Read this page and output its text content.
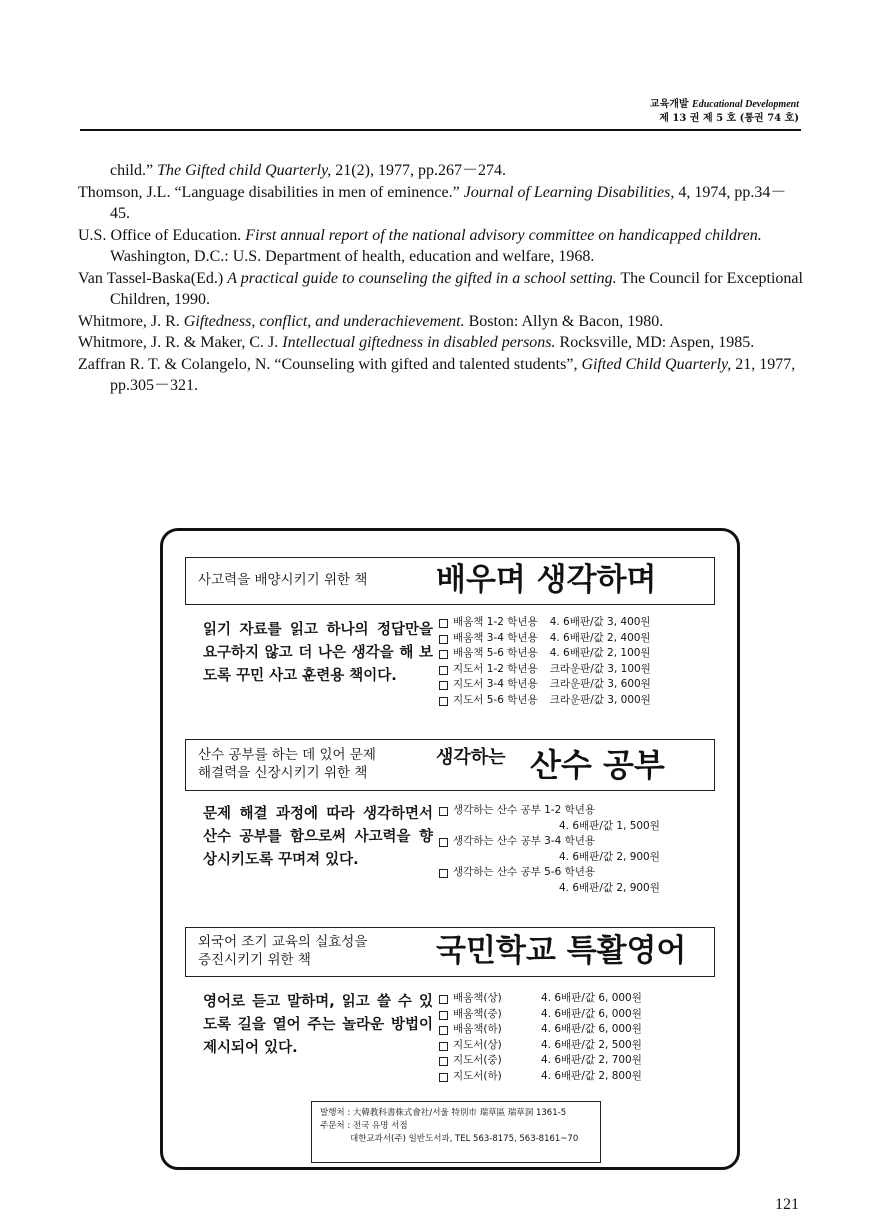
교육개발 Educational Development
제 13 권 제 5 호 (통권 74 호)

child.” The Gifted child Quarterly, 21(2), 1977, pp.267－274.

Thomson, J.L. “Language disabilities in men of eminence.” Journal of Learning Disabilities, 4, 1974, pp.34－45.

U.S. Office of Education. First annual report of the national advisory committee on handicapped children. Washington, D.C.: U.S. Department of health, education and welfare, 1968.

Van Tassel-Baska(Ed.) A practical guide to counseling the gifted in a school setting. The Council for Exceptional Children, 1990.

Whitmore, J. R. Giftedness, conflict, and underachievement. Boston: Allyn & Bacon, 1980.

Whitmore, J. R. & Maker, C. J. Intellectual giftedness in disabled persons. Rocksville, MD: Aspen, 1985.

Zaffran R. T. & Colangelo, N. “Counseling with gifted and talented students”, Gifted Child Quarterly, 21, 1977, pp.305－321.

사고력을 배양시키기 위한 책 배우며 생각하며
읽기 자료를 읽고 하나의 정답만을 요구하지 않고 더 나은 생각을 해 보도록 꾸민 사고 훈련용 책이다.
배움책 1-2 학년용	4. 6배판/값 3, 400원
배움책 3-4 학년용	4. 6배판/값 2, 400원
배움책 5-6 학년용	4. 6배판/값 2, 100원
지도서 1-2 학년용	크라운판/값 3, 100원
지도서 3-4 학년용	크라운판/값 3, 600원
지도서 5-6 학년용	크라운판/값 3, 000원
산수 공부를 하는 데 있어 문제
해결력을 신장시키기 위한 책
생각하는 산수 공부
문제 해결 과정에 따라 생각하면서 산수 공부를 함으로써 사고력을 향상시키도록 꾸며져 있다.
생각하는 산수 공부 1-2 학년용
4. 6배판/값 1, 500원
생각하는 산수 공부 3-4 학년용
4. 6배판/값 2, 900원
생각하는 산수 공부 5-6 학년용
4. 6배판/값 2, 900원
외국어 조기 교육의 실효성을
증진시키기 위한 책	국민학교 특활영어
영어로 듣고 말하며, 읽고 쓸 수 있도록 길을 열어 주는 놀라운 방법이 제시되어 있다.
배움책(상)	4. 6배판/값 6, 000원
배움책(중)	4. 6배판/값 6, 000원
배움책(하)	4. 6배판/값 6, 000원
지도서(상)	4. 6배판/값 2, 500원
지도서(중)	4. 6배판/값 2, 700원
지도서(하)	4. 6배판/값 2, 800원
발행처 : 大韓教科書株式會社/서울 特別市 瑞草區 瑞草洞 1361-5
주문처 : 전국 유명 서점
대한교과서(주) 일반도서과, TEL 563-8175, 563-8161~70
121
